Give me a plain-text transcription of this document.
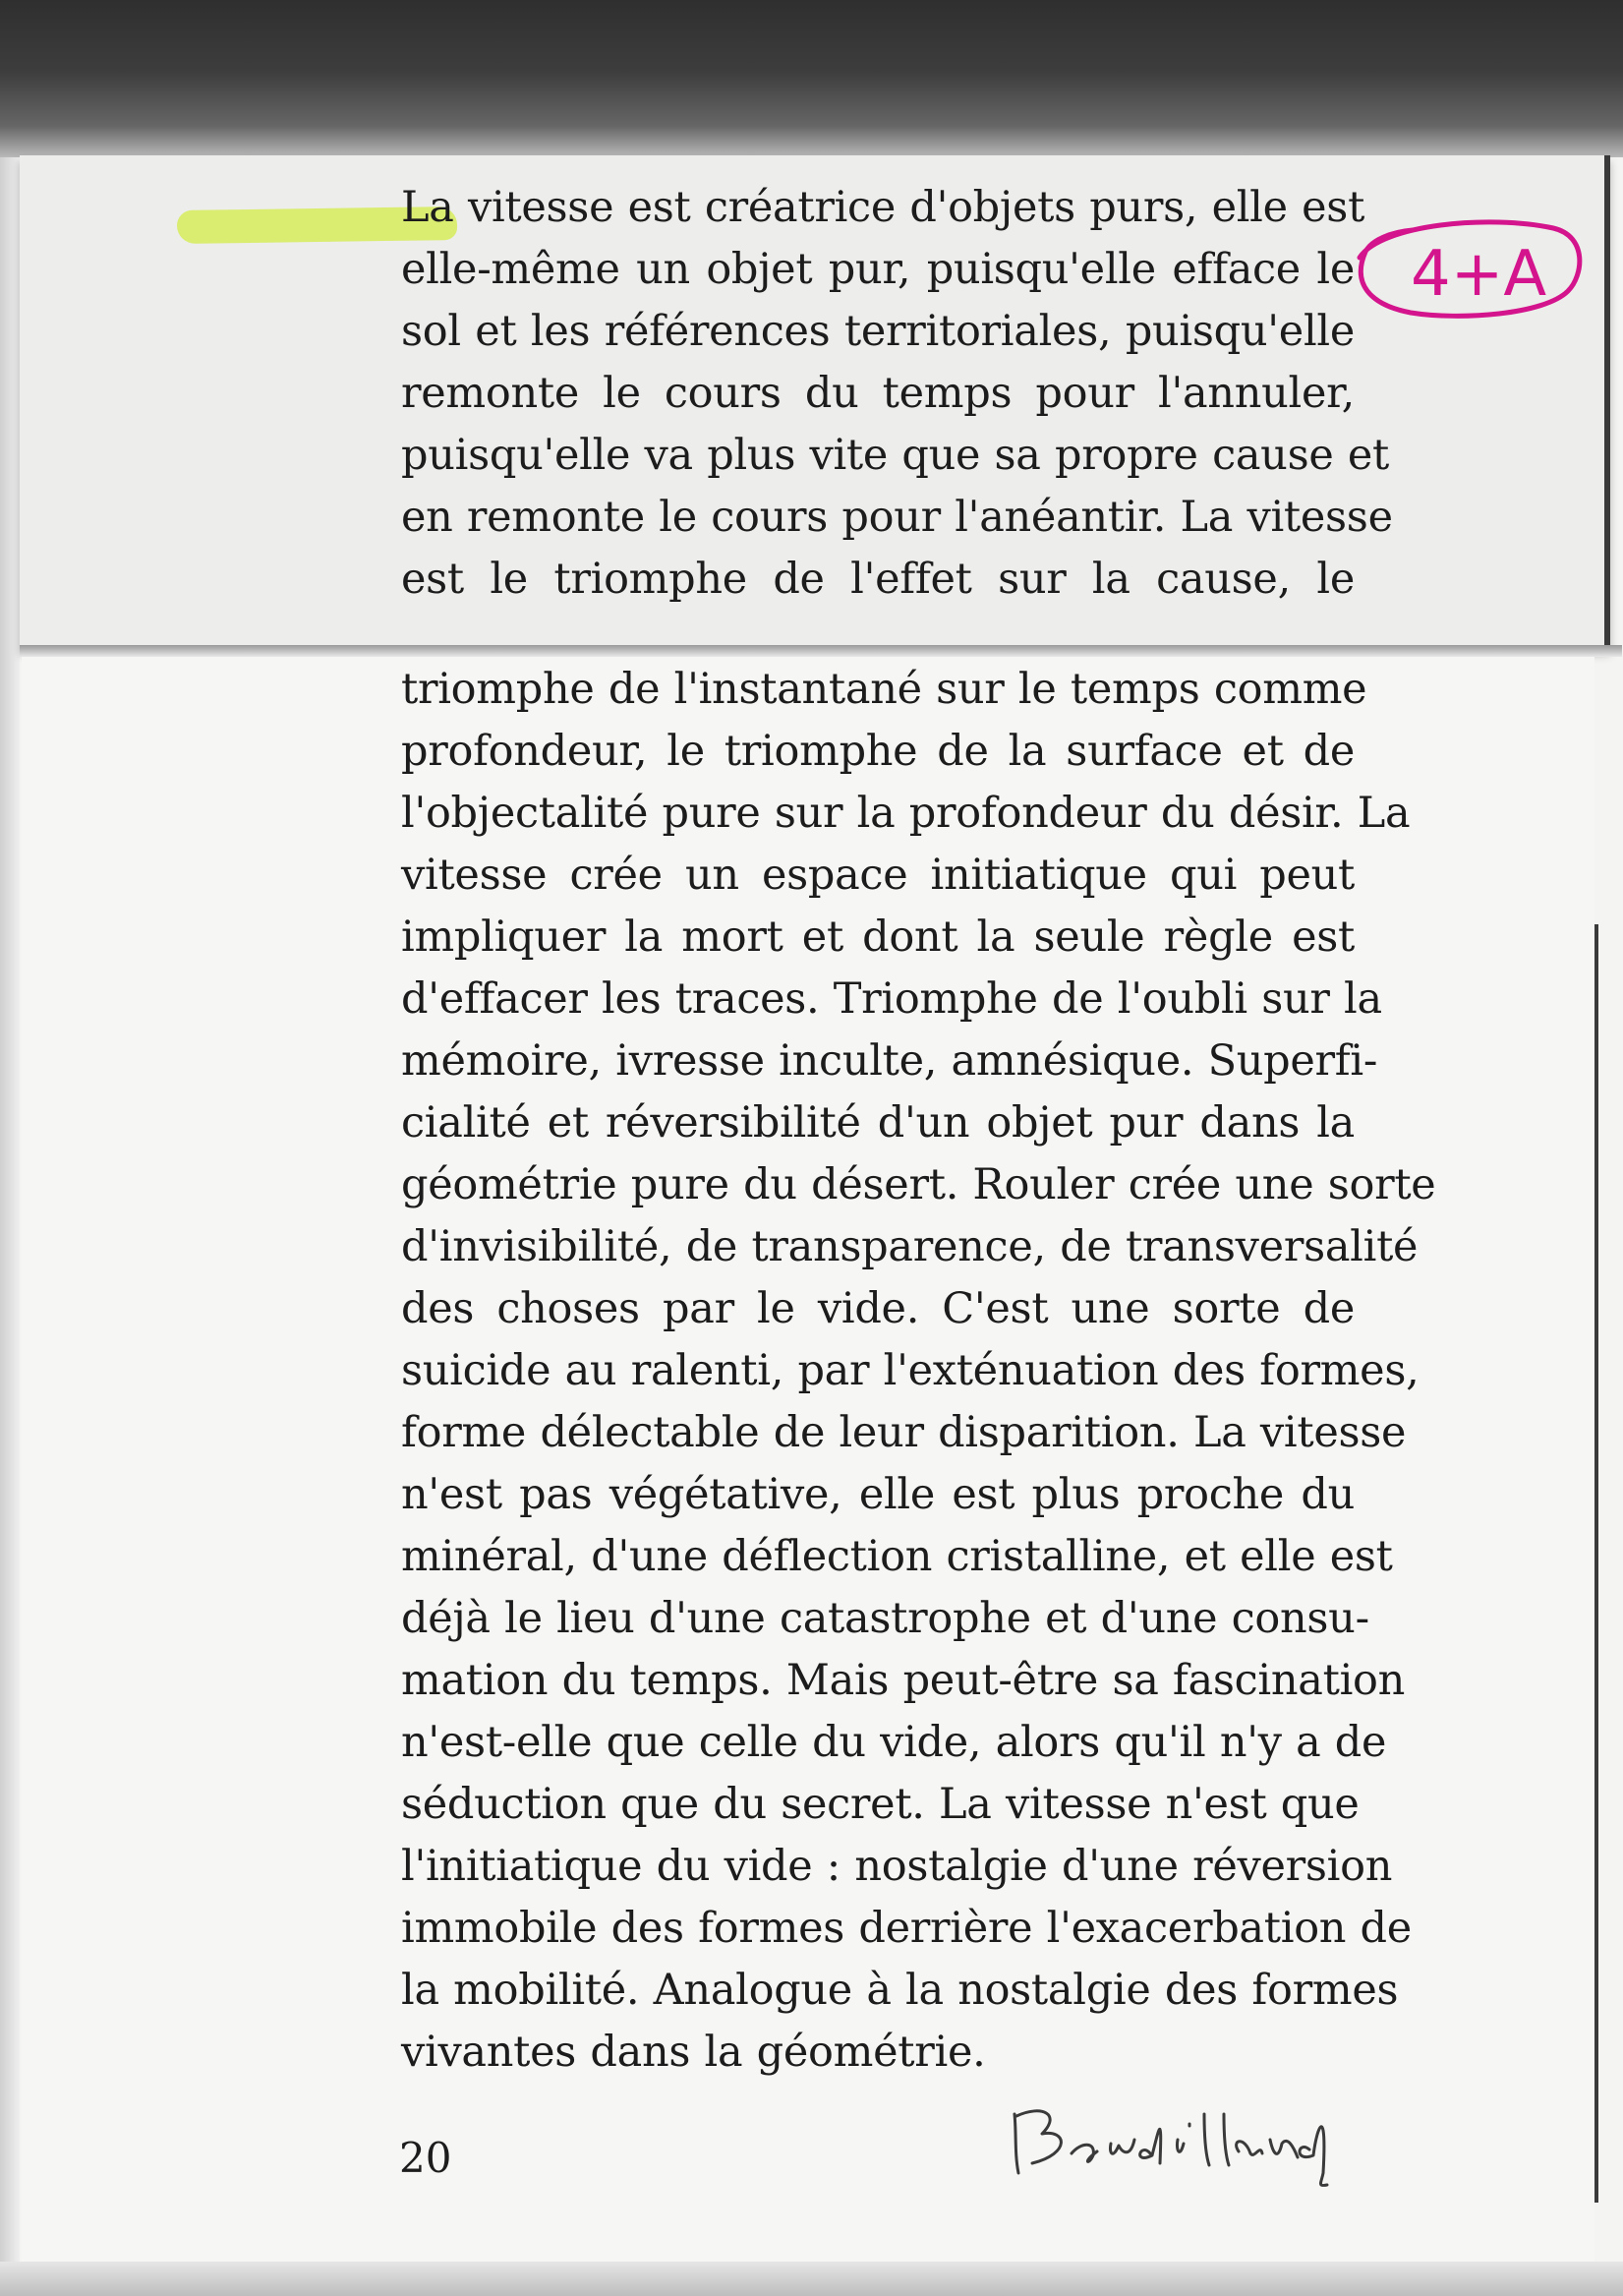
La vitesse est créatrice d'objets purs, elle est
elle-même un objet pur, puisqu'elle efface le
sol et les références territoriales, puisqu'elle
remonte le cours du temps pour l'annuler,
puisqu'elle va plus vite que sa propre cause et
en remonte le cours pour l'anéantir. La vitesse
est le triomphe de l'effet sur la cause, le
triomphe de l'instantané sur le temps comme
profondeur, le triomphe de la surface et de
l'objectalité pure sur la profondeur du désir. La
vitesse crée un espace initiatique qui peut
impliquer la mort et dont la seule règle est
d'effacer les traces. Triomphe de l'oubli sur la
mémoire, ivresse inculte, amnésique. Superfi-
cialité et réversibilité d'un objet pur dans la
géométrie pure du désert. Rouler crée une sorte
d'invisibilité, de transparence, de transversalité
des choses par le vide. C'est une sorte de
suicide au ralenti, par l'exténuation des formes,
forme délectable de leur disparition. La vitesse
n'est pas végétative, elle est plus proche du
minéral, d'une déflection cristalline, et elle est
déjà le lieu d'une catastrophe et d'une consu-
mation du temps. Mais peut-être sa fascination
n'est-elle que celle du vide, alors qu'il n'y a de
séduction que du secret. La vitesse n'est que
l'initiatique du vide : nostalgie d'une réversion
immobile des formes derrière l'exacerbation de
la mobilité. Analogue à la nostalgie des formes
vivantes dans la géométrie.

20

4+A
